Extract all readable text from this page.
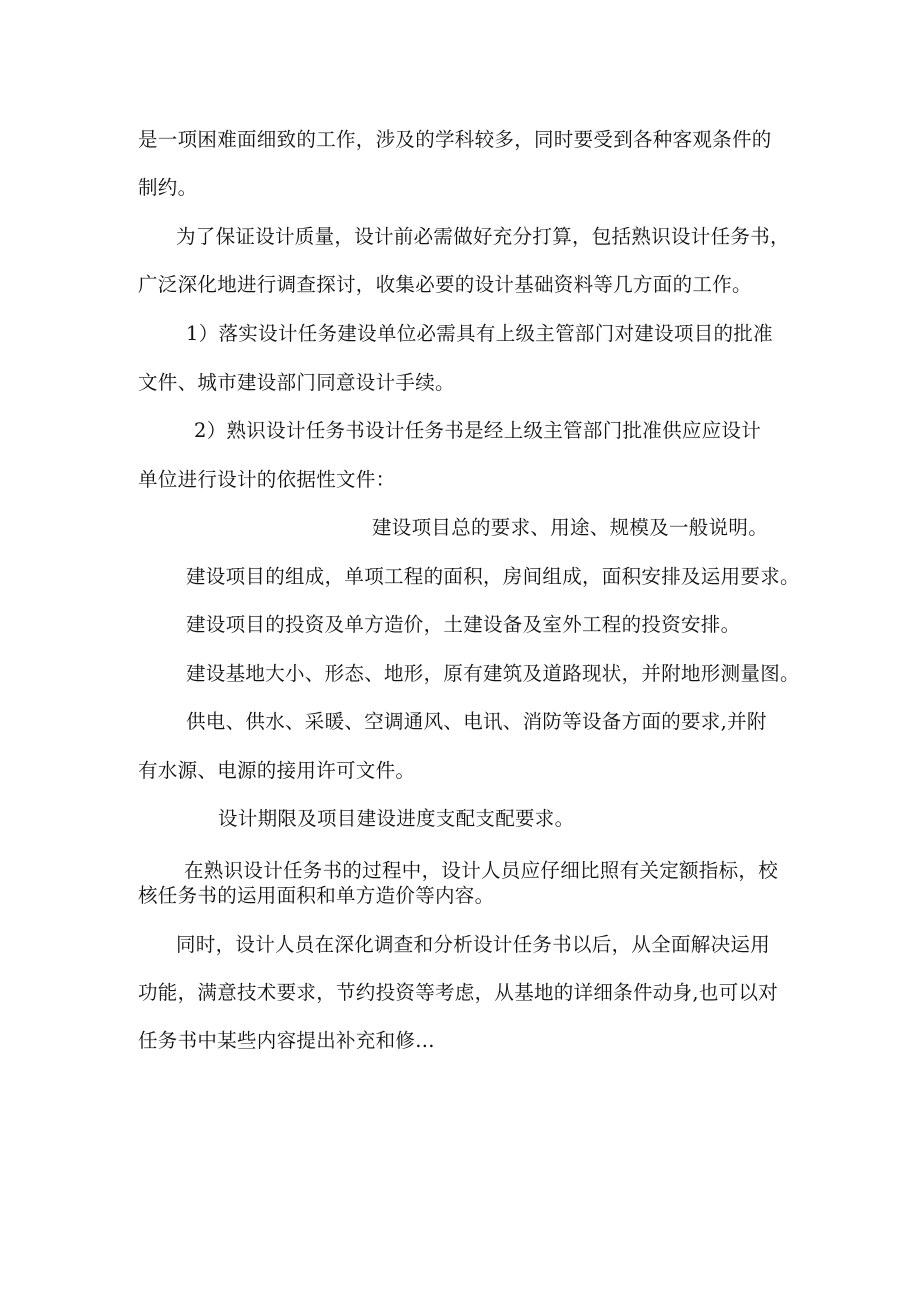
是一项困难面细致的工作，涉及的学科较多，同时要受到各种客观条件的
制约。
为了保证设计质量，设计前必需做好充分打算，包括熟识设计任务书，
广泛深化地进行调查探讨，收集必要的设计基础资料等几方面的工作。
1）落实设计任务建设单位必需具有上级主管部门对建设项目的批准
文件、城市建设部门同意设计手续。
2）熟识设计任务书设计任务书是经上级主管部门批准供应应设计
单位进行设计的依据性文件：
建设项目总的要求、用途、规模及一般说明。
建设项目的组成，单项工程的面积，房间组成，面积安排及运用要求。
建设项目的投资及单方造价，土建设备及室外工程的投资安排。
建设基地大小、形态、地形，原有建筑及道路现状，并附地形测量图。
供电、供水、采暖、空调通风、电讯、消防等设备方面的要求,并附
有水源、电源的接用许可文件。
设计期限及项目建设进度支配支配要求。
在熟识设计任务书的过程中，设计人员应仔细比照有关定额指标，校
核任务书的运用面积和单方造价等内容。
同时，设计人员在深化调查和分析设计任务书以后，从全面解决运用
功能，满意技术要求，节约投资等考虑，从基地的详细条件动身,也可以对
任务书中某些内容提出补充和修...
